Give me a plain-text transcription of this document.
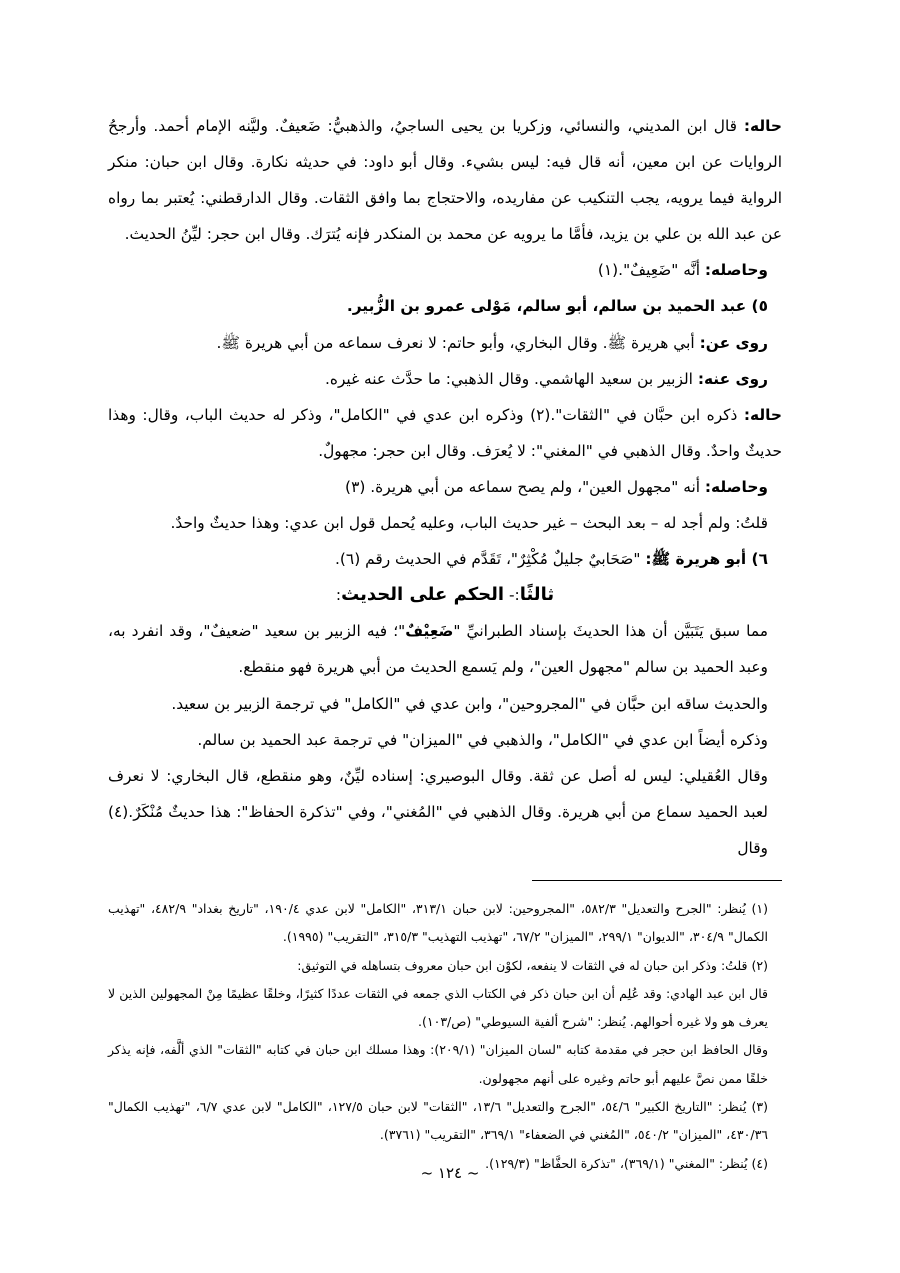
حاله: قال ابن المديني، والنسائي، وزكريا بن يحيى الساجيُ، والذهبيُّ: ضَعيفٌ. وليَّنه الإمام أحمد. وأرجحُ الروايات عن ابن معين، أنه قال فيه: ليس بشيء. وقال أبو داود: في حديثه نكارة. وقال ابن حبان: منكر الرواية فيما يرويه، يجب التنكيب عن مفاريده، والاحتجاج بما وافق الثقات. وقال الدارقطني: يُعتبر بما رواه عن عبد الله بن علي بن يزيد، فأمَّا ما يرويه عن محمد بن المنكدر فإنه يُترَك. وقال ابن حجر: ليِّنُ الحديث.

وحاصله: أنَّه "ضَعِيفٌ".(١)

٥) عبد الحميد بن سالم، أبو سالم، مَوْلى عمرو بن الزُّبير.

روى عن: أبي هريرة ﷺ. وقال البخاري، وأبو حاتم: لا نعرف سماعه من أبي هريرة ﷺ.

روى عنه: الزبير بن سعيد الهاشمي. وقال الذهبي: ما حدَّث عنه غيره.

حاله: ذكره ابن حبَّان في "الثقات".(٢) وذكره ابن عدي في "الكامل"، وذكر له حديث الباب، وقال: وهذا حديثٌ واحدٌ. وقال الذهبي في "المغني": لا يُعرَف. وقال ابن حجر: مجهولٌ.

وحاصله: أنه "مجهول العين"، ولم يصح سماعه من أبي هريرة. (٣)

قلتُ: ولم أجد له – بعد البحث – غير حديث الباب، وعليه يُحمل قول ابن عدي: وهذا حديثٌ واحدٌ.

٦) أبو هريرة ﷺ: "صَحَابيٌ جليلٌ مُكْثِرٌ"، تَقَدَّم في الحديث رقم (٦).

ثالثًا:- الحكم على الحديث:

مما سبق يَتَبَيَّن أن هذا الحديثَ بإسناد الطبرانيِّ "ضَعِيْفٌ"؛ فيه الزبير بن سعيد "ضعيفٌ"، وقد انفرد به، وعبد الحميد بن سالم "مجهول العين"، ولم يَسمع الحديث من أبي هريرة فهو منقطع.

والحديث ساقه ابن حبَّان في "المجروحين"، وابن عدي في "الكامل" في ترجمة الزبير بن سعيد.

وذكره أيضاً ابن عدي في "الكامل"، والذهبي في "الميزان" في ترجمة عبد الحميد بن سالم.

وقال العُقيلي: ليس له أصل عن ثقة. وقال البوصيري: إسناده ليِّنٌ، وهو منقطع، قال البخاري: لا نعرف لعبد الحميد سماع من أبي هريرة. وقال الذهبي في "المُغني"، وفي "تذكرة الحفاظ": هذا حديثٌ مُنْكَرٌ.(٤) وقال

(١) يُنظر: "الجرح والتعديل" ٥٨٢/٣، "المجروحين: لابن حبان ٣١٣/١، "الكامل" لابن عدي ١٩٠/٤، "تاريخ بغداد" ٤٨٢/٩، "تهذيب الكمال" ٣٠٤/٩، "الديوان" ٢٩٩/١، "الميزان" ٦٧/٢، "تهذيب التهذيب" ٣١٥/٣، "التقريب" (١٩٩٥).

(٢) قلتُ: وذكر ابن حبان له في الثقات لا ينفعه، لكوْن ابن حبان معروف بتساهله في التوثيق:

قال ابن عبد الهادي: وقد عُلِم أن ابن حبان ذكر في الكتاب الذي جمعه في الثقات عددًا كثيرًا، وخلقًا عظيمًا مِنْ المجهولين الذين لا يعرف هو ولا غيره أحوالهم. يُنظر: "شرح ألفية السيوطي" (ص/١٠٣).

وقال الحافظ ابن حجر في مقدمة كتابه "لسان الميزان" (٢٠٩/١): وهذا مسلك ابن حبان في كتابه "الثقات" الذي ألَّفه، فإنه يذكر خلقًا ممن نصَّ عليهم أبو حاتم وغيره على أنهم مجهولون.

(٣) يُنظر: "التاريخ الكبير" ٥٤/٦، "الجرح والتعديل" ١٣/٦، "الثقات" لابن حبان ١٢٧/٥، "الكامل" لابن عدي ٦/٧، "تهذيب الكمال" ٤٣٠/٣٦، "الميزان" ٥٤٠/٢، "المُغني في الضعفاء" ٣٦٩/١، "التقريب" (٣٧٦١).

(٤) يُنظر: "المغني" (٣٦٩/١)، "تذكرة الحفَّاظ" (١٢٩/٣).

~ ١٢٤ ~
